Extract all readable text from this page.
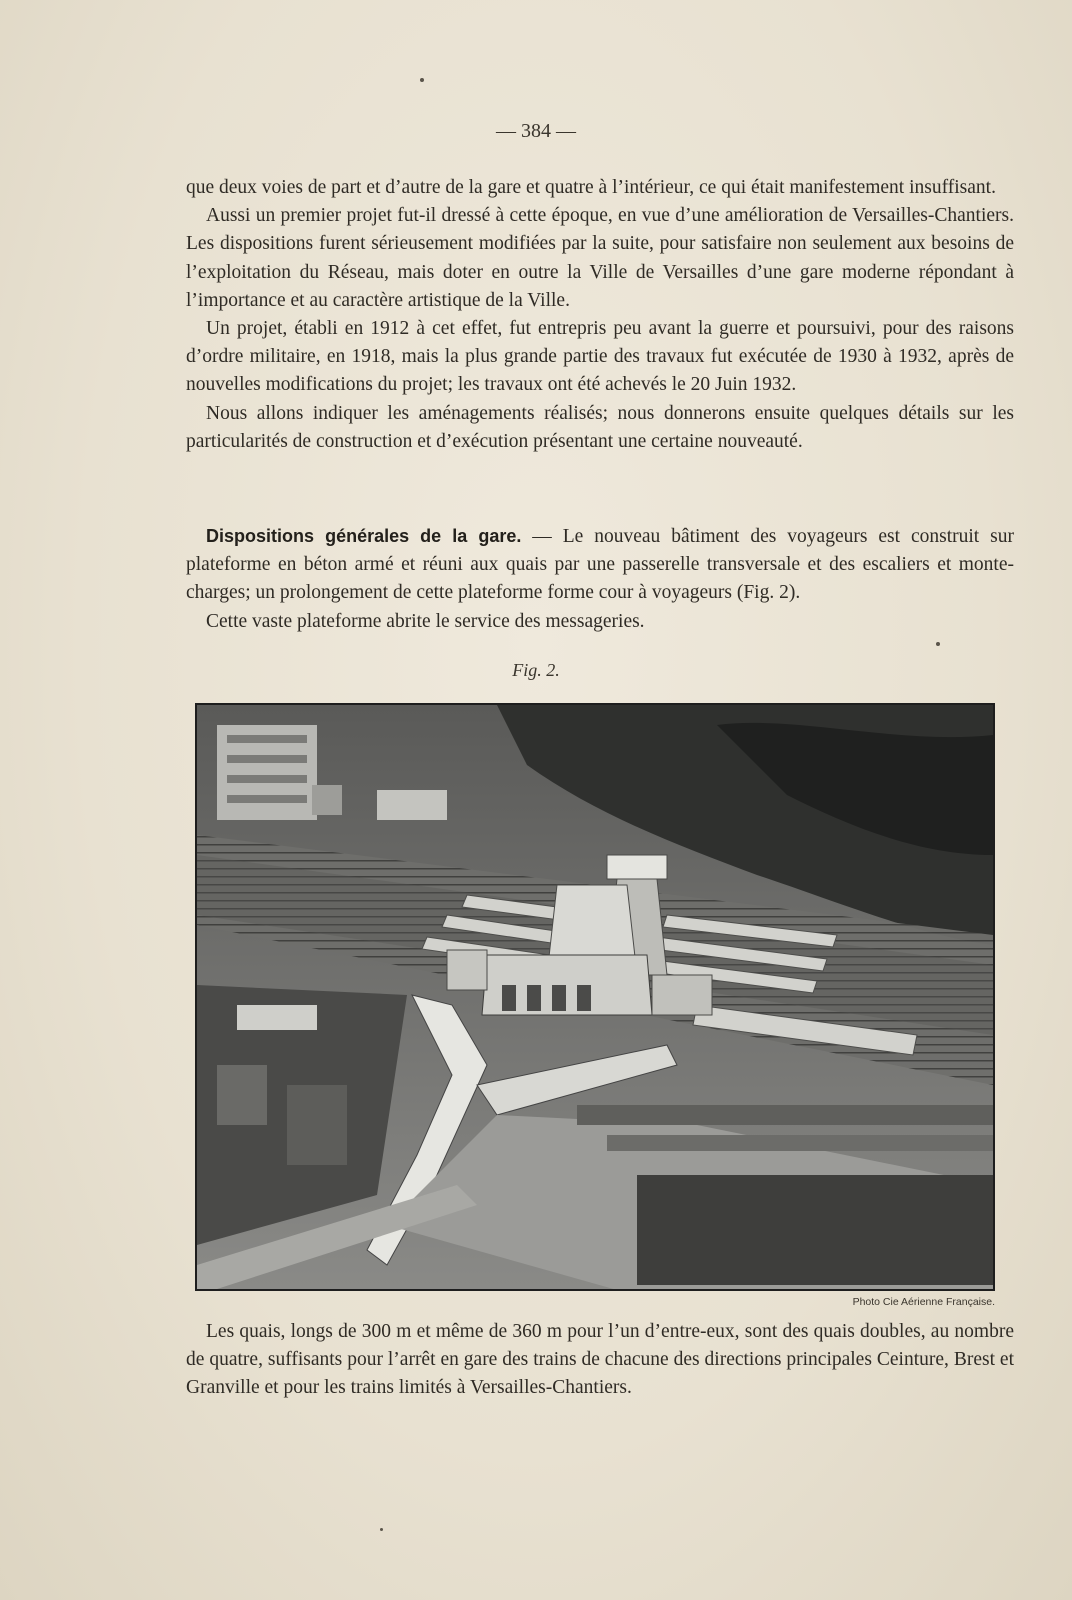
— 384 —

que deux voies de part et d’autre de la gare et quatre à l’intérieur, ce qui était manifestement insuffisant.

Aussi un premier projet fut-il dressé à cette époque, en vue d’une amélioration de Versailles-Chantiers. Les dispositions furent sérieusement modifiées par la suite, pour satisfaire non seulement aux besoins de l’exploitation du Réseau, mais doter en outre la Ville de Versailles d’une gare moderne répondant à l’importance et au caractère artistique de la Ville.

Un projet, établi en 1912 à cet effet, fut entrepris peu avant la guerre et poursuivi, pour des raisons d’ordre militaire, en 1918, mais la plus grande partie des travaux fut exécutée de 1930 à 1932, après de nouvelles modifications du projet; les travaux ont été achevés le 20 Juin 1932.

Nous allons indiquer les aménagements réalisés; nous donnerons ensuite quelques détails sur les particularités de construction et d’exécution présentant une certaine nouveauté.

Dispositions générales de la gare. — Le nouveau bâtiment des voyageurs est construit sur plateforme en béton armé et réuni aux quais par une passerelle transversale et des escaliers et monte-charges; un prolongement de cette plateforme forme cour à voyageurs (Fig. 2).

Cette vaste plateforme abrite le service des messageries.

Fig. 2.
Photo Cie Aérienne Française.

Les quais, longs de 300 m et même de 360 m pour l’un d’entre-eux, sont des quais doubles, au nombre de quatre, suffisants pour l’arrêt en gare des trains de chacune des directions principales Ceinture, Brest et Granville et pour les trains limités à Versailles-Chantiers.
